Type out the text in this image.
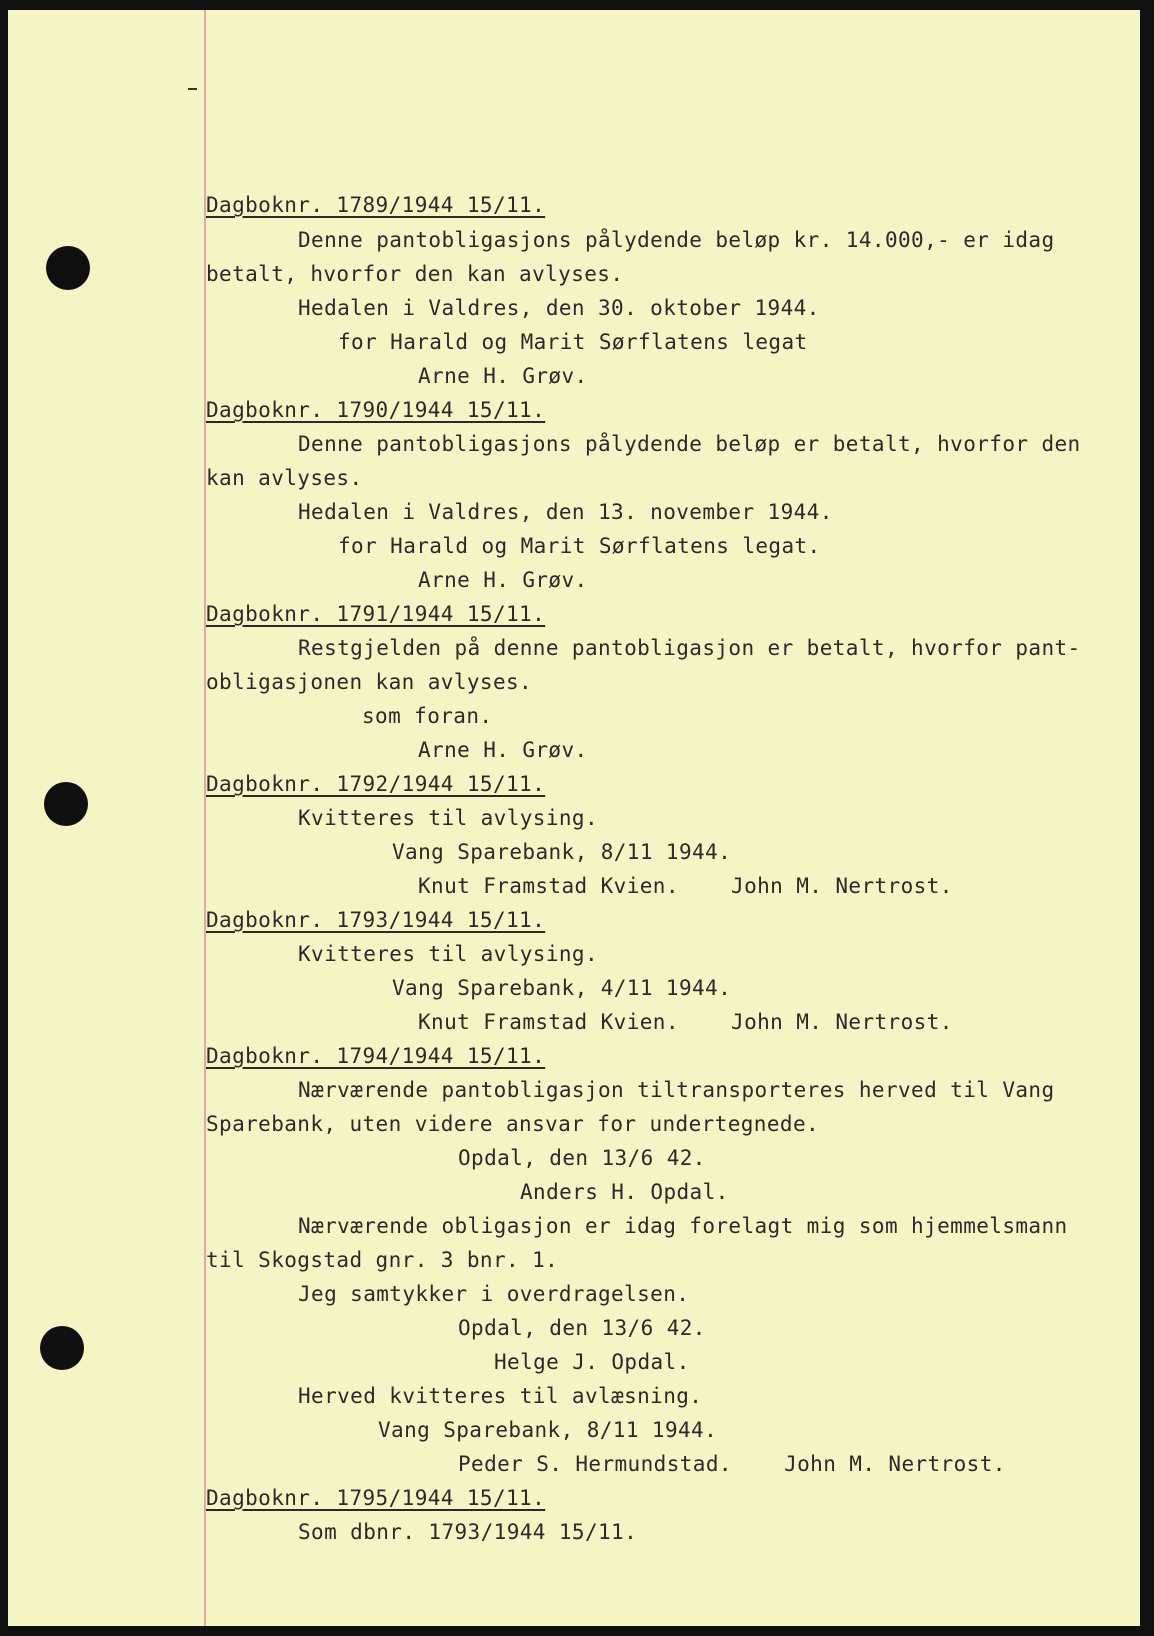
Dagboknr. 1789/1944 15/11.
Denne pantobligasjons pålydende beløp kr. 14.000,- er idag
betalt, hvorfor den kan avlyses.
Hedalen i Valdres, den 30. oktober 1944.
for Harald og Marit Sørflatens legat
Arne H. Grøv.
Dagboknr. 1790/1944 15/11.
Denne pantobligasjons pålydende beløp er betalt, hvorfor den
kan avlyses.
Hedalen i Valdres, den 13. november 1944.
for Harald og Marit Sørflatens legat.
Arne H. Grøv.
Dagboknr. 1791/1944 15/11.
Restgjelden på denne pantobligasjon er betalt, hvorfor pant-
obligasjonen kan avlyses.
som foran.
Arne H. Grøv.
Dagboknr. 1792/1944 15/11.
Kvitteres til avlysing.
Vang Sparebank, 8/11 1944.
Knut Framstad Kvien.    John M. Nertrost.
Dagboknr. 1793/1944 15/11.
Kvitteres til avlysing.
Vang Sparebank, 4/11 1944.
Knut Framstad Kvien.    John M. Nertrost.
Dagboknr. 1794/1944 15/11.
Nærværende pantobligasjon tiltransporteres herved til Vang
Sparebank, uten videre ansvar for undertegnede.
Opdal, den 13/6 42.
Anders H. Opdal.
Nærværende obligasjon er idag forelagt mig som hjemmelsmann
til Skogstad gnr. 3 bnr. 1.
Jeg samtykker i overdragelsen.
Opdal, den 13/6 42.
Helge J. Opdal.
Herved kvitteres til avlæsning.
Vang Sparebank, 8/11 1944.
Peder S. Hermundstad.    John M. Nertrost.
Dagboknr. 1795/1944 15/11.
Som dbnr. 1793/1944 15/11.
